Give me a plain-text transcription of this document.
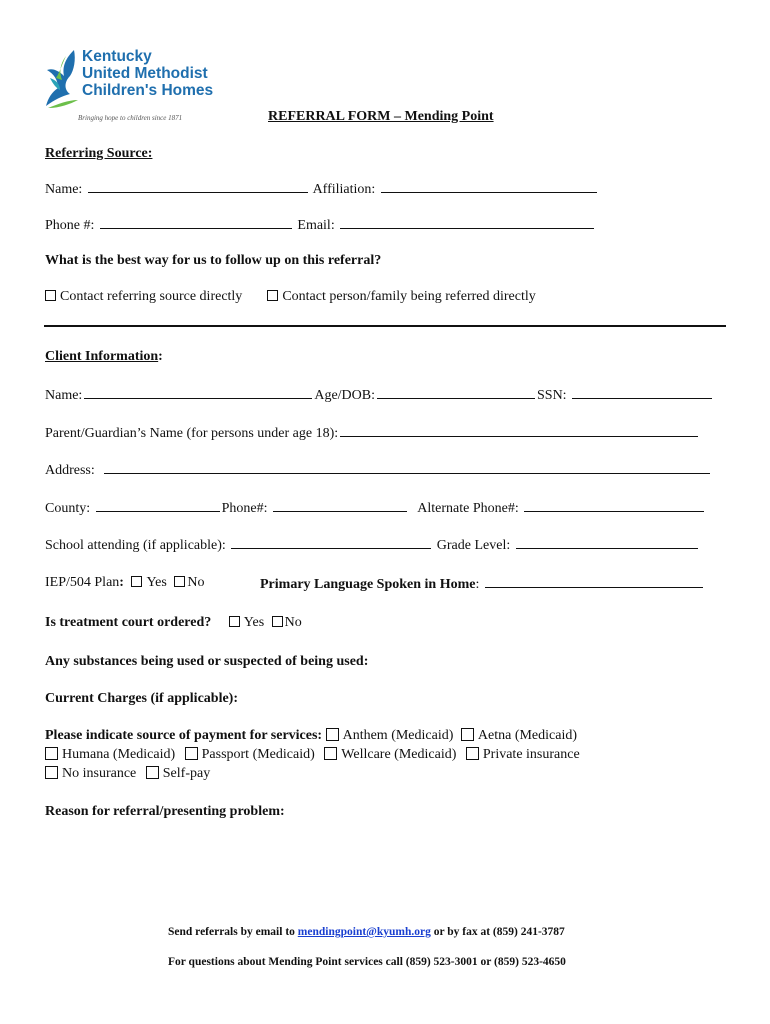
Kentucky
United Methodist
Children's Homes
Bringing hope to children since 1871	REFERRAL FORM – Mending Point
Referring Source:
Name:	Affiliation:
Phone #:	Email:
What is the best way for us to follow up on this referral?
Contact referring source directly	Contact person/family being referred directly
Client Information:
Name:	Age/DOB:	SSN:
Parent/Guardian’s Name (for persons under age 18):
Address:
County:	Phone#:	Alternate Phone#:
School attending (if applicable):	Grade Level:
IEP/504 Plan: Yes No	Primary Language Spoken in Home:
Is treatment court ordered? Yes No
Any substances being used or suspected of being used:
Current Charges (if applicable):
Please indicate source of payment for services: Anthem (Medicaid) Aetna (Medicaid)
Humana (Medicaid) Passport (Medicaid) Wellcare (Medicaid) Private insurance
No insurance Self-pay
Reason for referral/presenting problem:
Send referrals by email to mendingpoint@kyumh.org or by fax at (859) 241-3787
For questions about Mending Point services call (859) 523-3001 or (859) 523-4650
